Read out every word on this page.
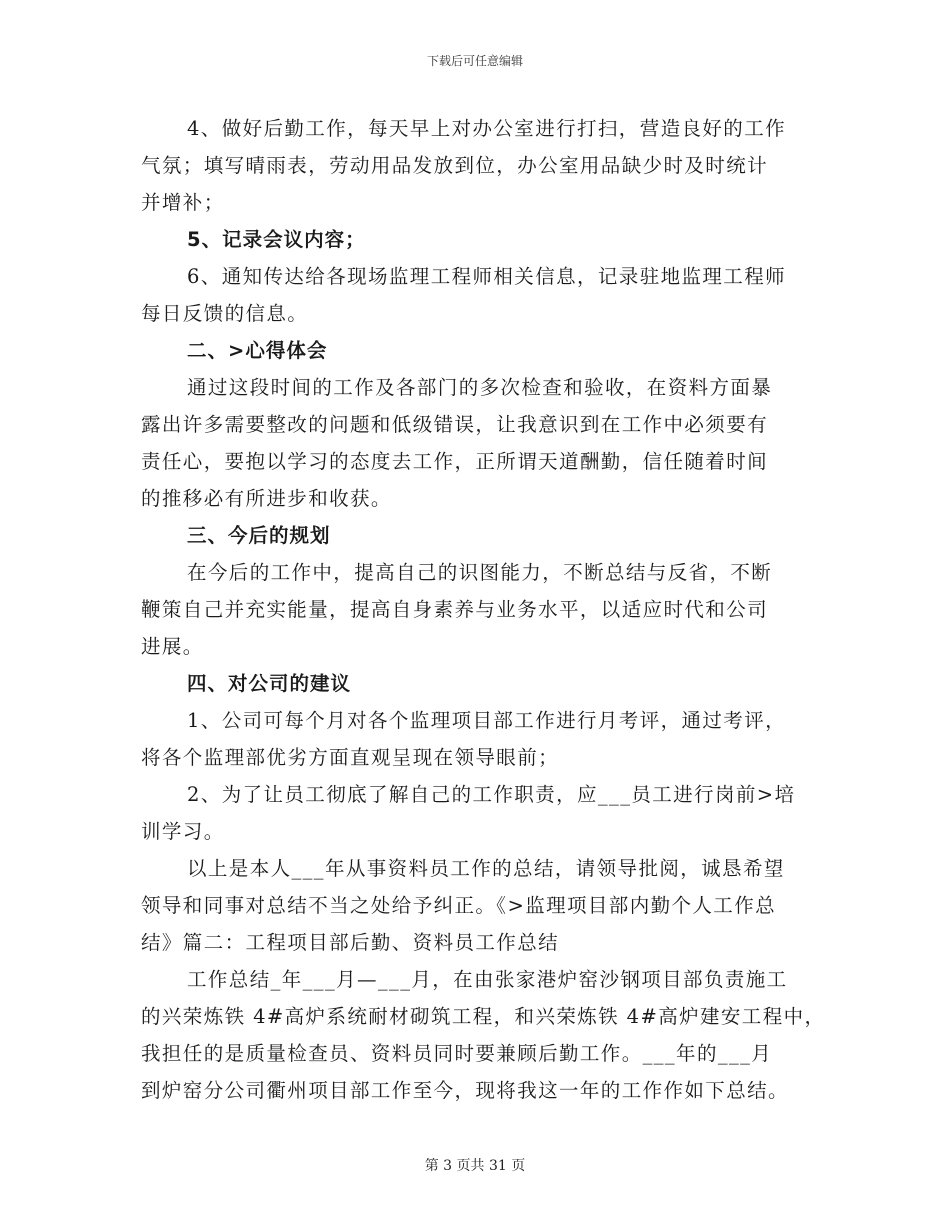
下载后可任意编辑
4、做好后勤工作，每天早上对办公室进行打扫，营造良好的工作
气氛；填写晴雨表，劳动用品发放到位，办公室用品缺少时及时统计
并增补；
5、记录会议内容；
6、通知传达给各现场监理工程师相关信息，记录驻地监理工程师
每日反馈的信息。
二、>心得体会
通过这段时间的工作及各部门的多次检查和验收，在资料方面暴
露出许多需要整改的问题和低级错误，让我意识到在工作中必须要有
责任心，要抱以学习的态度去工作，正所谓天道酬勤，信任随着时间
的推移必有所进步和收获。
三、今后的规划
在今后的工作中，提高自己的识图能力，不断总结与反省，不断
鞭策自己并充实能量，提高自身素养与业务水平，以适应时代和公司
进展。
四、对公司的建议
1、公司可每个月对各个监理项目部工作进行月考评，通过考评，
将各个监理部优劣方面直观呈现在领导眼前；
2、为了让员工彻底了解自己的工作职责，应___员工进行岗前>培
训学习。
以上是本人___年从事资料员工作的总结，请领导批阅，诚恳希望
领导和同事对总结不当之处给予纠正。《>监理项目部内勤个人工作总
结》篇二：工程项目部后勤、资料员工作总结
工作总结_年___月—___月，在由张家港炉窑沙钢项目部负责施工
的兴荣炼铁 4#高炉系统耐材砌筑工程，和兴荣炼铁 4#高炉建安工程中，
我担任的是质量检查员、资料员同时要兼顾后勤工作。___年的___月
到炉窑分公司衢州项目部工作至今，现将我这一年的工作作如下总结。
第 3 页共 31 页
